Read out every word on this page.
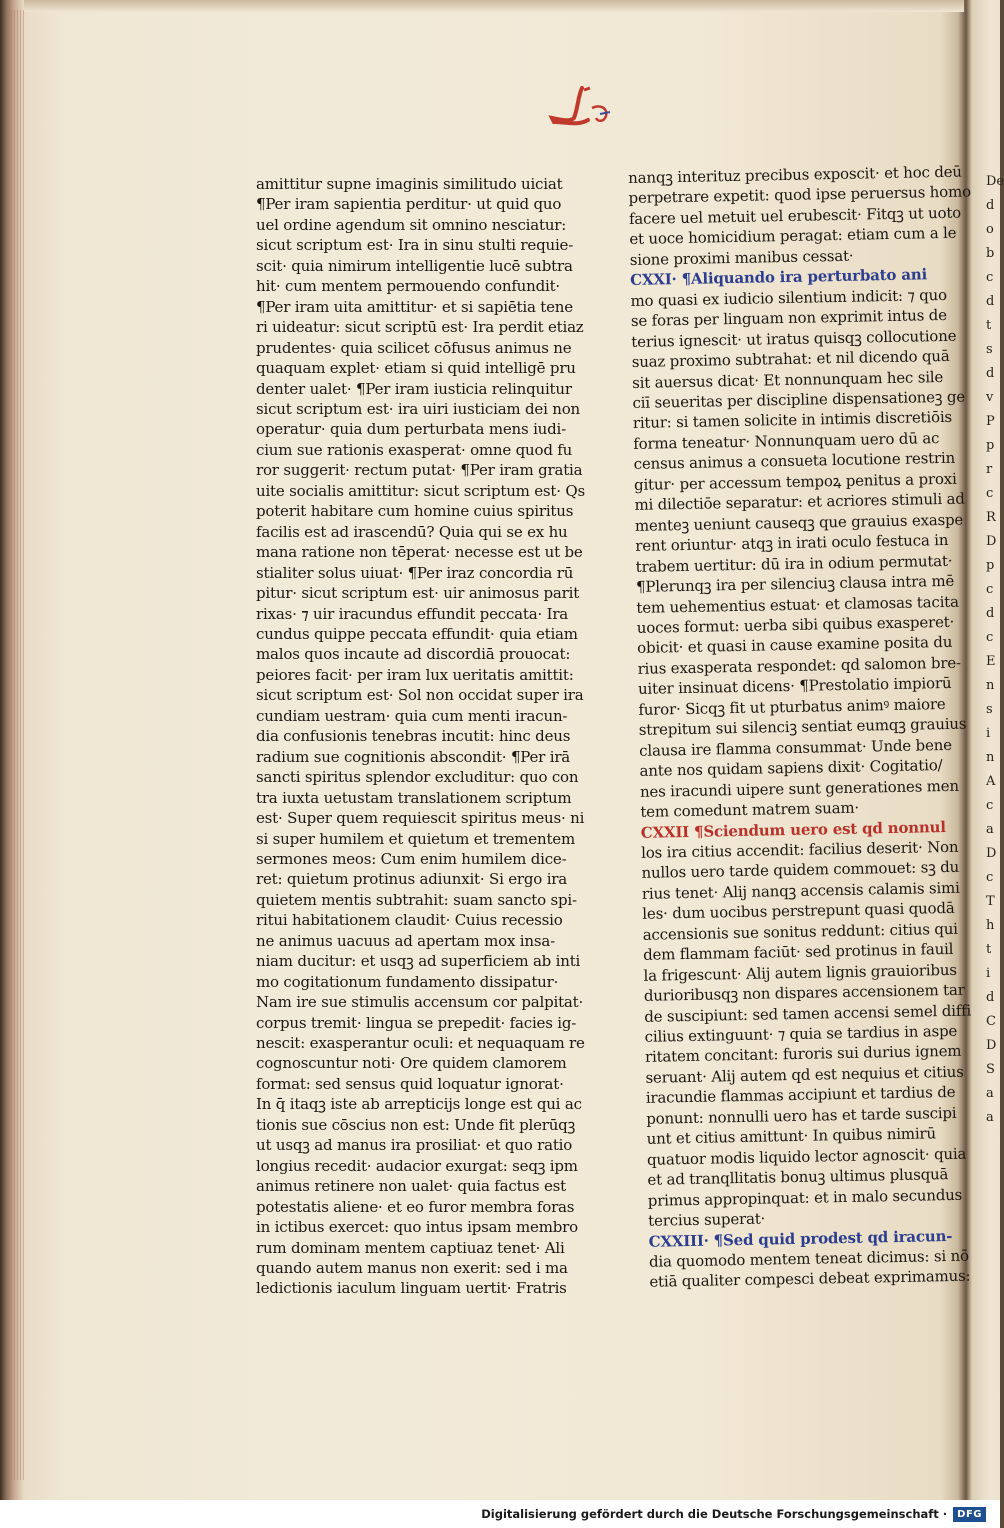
amittitur supne imaginis similitudo uiciat
¶Per iram sapientia perditur· ut quid quo
uel ordine agendum sit omnino nesciatur:
sicut scriptum est· Ira in sinu stulti requie-
scit· quia nimirum intelligentie lucē subtra
hit· cum mentem permouendo confundit·
¶Per iram uita amittitur· et si sapiētia tene
ri uideatur: sicut scriptū est· Ira perdit etiaz
prudentes· quia scilicet cōfusus animus ne
quaquam explet· etiam si quid intelligē pru
denter ualet· ¶Per iram iusticia relinquitur
sicut scriptum est· ira uiri iusticiam dei non
operatur· quia dum perturbata mens iudi-
cium sue rationis exasperat· omne quod fu
ror suggerit· rectum putat· ¶Per iram gratia
uite socialis amittitur: sicut scriptum est· Qs
poterit habitare cum homine cuius spiritus
facilis est ad irascendū? Quia qui se ex hu
mana ratione non tēperat· necesse est ut be
stialiter solus uiuat· ¶Per iraz concordia rū
pitur· sicut scriptum est· uir animosus parit
rixas· ⁊ uir iracundus effundit peccata· Ira
cundus quippe peccata effundit· quia etiam
malos quos incaute ad discordiā prouocat:
peiores facit· per iram lux ueritatis amittit:
sicut scriptum est· Sol non occidat super ira
cundiam uestram· quia cum menti iracun-
dia confusionis tenebras incutit: hinc deus
radium sue cognitionis abscondit· ¶Per irā
sancti spiritus splendor excluditur: quo con
tra iuxta uetustam translationem scriptum
est· Super quem requiescit spiritus meus· ni
si super humilem et quietum et trementem
sermones meos: Cum enim humilem dice-
ret: quietum protinus adiunxit· Si ergo ira
quietem mentis subtrahit: suam sancto spi-
ritui habitationem claudit· Cuius recessio
ne animus uacuus ad apertam mox insa-
niam ducitur: et usqꝫ ad superficiem ab inti
mo cogitationum fundamento dissipatur·
Nam ire sue stimulis accensum cor palpitat·
corpus tremit· lingua se prepedit· facies ig-
nescit: exasperantur oculi: et nequaquam re
cognoscuntur noti· Ore quidem clamorem
format: sed sensus quid loquatur ignorat·
In q̄ itaqꝫ iste ab arrepticijs longe est qui ac
tionis sue cōscius non est: Unde fit plerūqꝫ
ut usqꝫ ad manus ira prosiliat· et quo ratio
longius recedit· audacior exurgat: seqꝫ ipm
animus retinere non ualet· quia factus est
potestatis aliene· et eo furor membra foras
in ictibus exercet: quo intus ipsam membro
rum dominam mentem captiuaz tenet· Ali
quando autem manus non exerit: sed i ma
ledictionis iaculum linguam uertit· Fratris
nanqꝫ interituz precibus exposcit· et hoc deū
perpetrare expetit: quod ipse peruersus homo
facere uel metuit uel erubescit· Fitqꝫ ut uoto
et uoce homicidium peragat: etiam cum a le
sione proximi manibus cessat·
CXXI· ¶Aliquando ira perturbato ani
mo quasi ex iudicio silentium indicit: ⁊ quo
se foras per linguam non exprimit intus de
terius ignescit· ut iratus quisqꝫ collocutione
suaz proximo subtrahat: et nil dicendo quā
sit auersus dicat· Et nonnunquam hec sile
ciī seueritas per discipline dispensationeꝫ ge
ritur: si tamen solicite in intimis discretiōis
forma teneatur· Nonnunquam uero dū ac
census animus a consueta locutione restrin
gitur· per accessum tempoꝝ penitus a proxi
mi dilectiōe separatur: et acriores stimuli ad
menteꝫ ueniunt causeqꝫ que grauius exaspe
rent oriuntur· atqꝫ in irati oculo festuca in
trabem uertitur: dū ira in odium permutat·
¶Plerunqꝫ ira per silenciuꝫ clausa intra mē
tem uehementius estuat· et clamosas tacita
uoces formut: uerba sibi quibus exasperet·
obicit· et quasi in cause examine posita du
rius exasperata respondet: qd salomon bre-
uiter insinuat dicens· ¶Prestolatio impiorū
furor· Sicqꝫ fit ut pturbatus animꝰ maiore
strepitum sui silenciꝫ sentiat eumqꝫ grauius
clausa ire flamma consummat· Unde bene
ante nos quidam sapiens dixit· Cogitatio/
nes iracundi uipere sunt generationes men
tem comedunt matrem suam·
CXXII ¶Sciendum uero est qd nonnul
los ira citius accendit: facilius deserit· Non
nullos uero tarde quidem commouet: sꝫ du
rius tenet· Alij nanqꝫ accensis calamis simi
les· dum uocibus perstrepunt quasi quodā
accensionis sue sonitus reddunt: citius qui
dem flammam faciūt· sed protinus in fauil
la frigescunt· Alij autem lignis grauioribus
durioribusqꝫ non dispares accensionem tar
de suscipiunt: sed tamen accensi semel diffi
cilius extinguunt· ⁊ quia se tardius in aspe
ritatem concitant: furoris sui durius ignem
seruant· Alij autem qd est nequius et citius
iracundie flammas accipiunt et tardius de
ponunt: nonnulli uero has et tarde suscipi
unt et citius amittunt· In quibus nimirū
quatuor modis liquido lector agnoscit· quia
et ad tranqllitatis bonuꝫ ultimus plusquā
primus appropinquat: et in malo secundus
tercius superat·
CXXIII· ¶Sed quid prodest qd iracun-
dia quomodo mentem teneat dicimus: si nō
etiā qualiter compesci debeat exprimamus:
De
d
o
b
c
d
t
s
d
v
P
p
r
c
R
D
p
c
d
c
E
n
s
i
n
A
c
a
D
c
T
h
t
i
d
C
D
S
a
a
Digitalisierung gefördert durch die Deutsche Forschungsgemeinschaft ·	DFG
